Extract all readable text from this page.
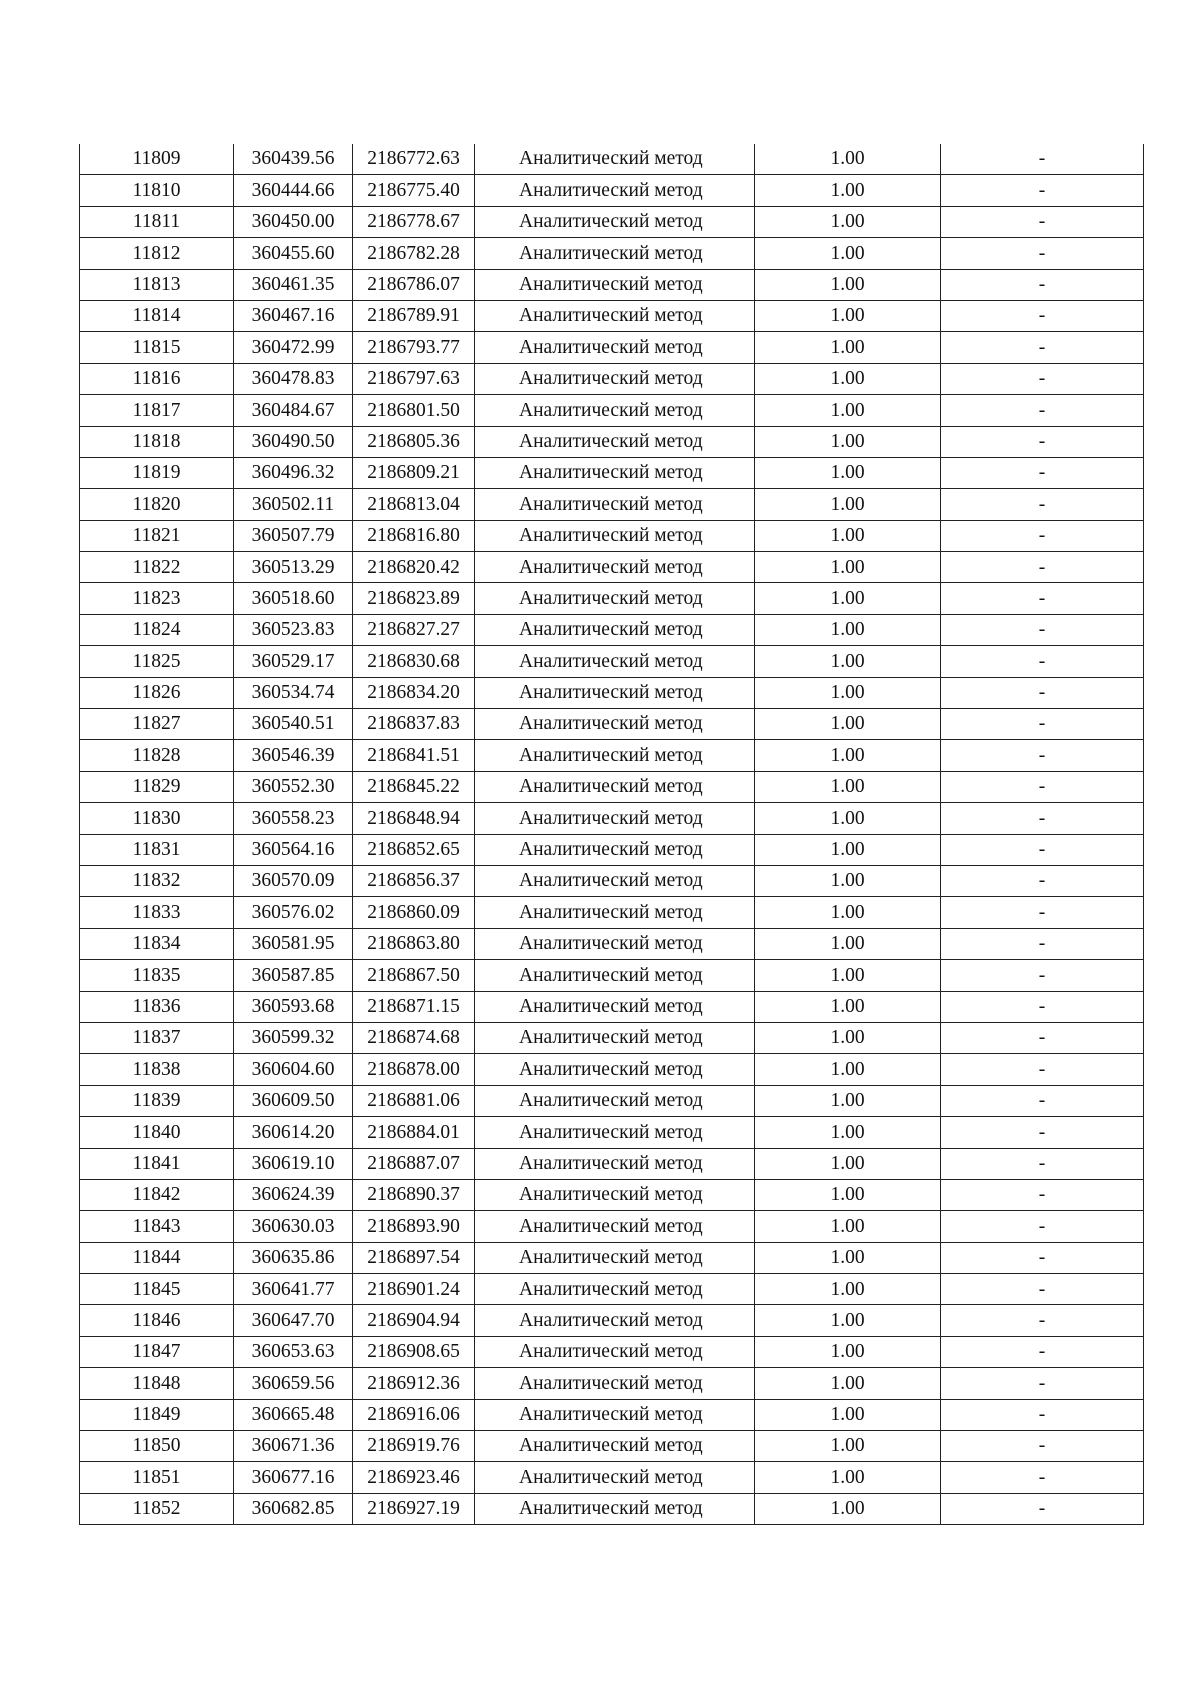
11809	360439.56	2186772.63	Аналитический метод	1.00	-
11810	360444.66	2186775.40	Аналитический метод	1.00	-
11811	360450.00	2186778.67	Аналитический метод	1.00	-
11812	360455.60	2186782.28	Аналитический метод	1.00	-
11813	360461.35	2186786.07	Аналитический метод	1.00	-
11814	360467.16	2186789.91	Аналитический метод	1.00	-
11815	360472.99	2186793.77	Аналитический метод	1.00	-
11816	360478.83	2186797.63	Аналитический метод	1.00	-
11817	360484.67	2186801.50	Аналитический метод	1.00	-
11818	360490.50	2186805.36	Аналитический метод	1.00	-
11819	360496.32	2186809.21	Аналитический метод	1.00	-
11820	360502.11	2186813.04	Аналитический метод	1.00	-
11821	360507.79	2186816.80	Аналитический метод	1.00	-
11822	360513.29	2186820.42	Аналитический метод	1.00	-
11823	360518.60	2186823.89	Аналитический метод	1.00	-
11824	360523.83	2186827.27	Аналитический метод	1.00	-
11825	360529.17	2186830.68	Аналитический метод	1.00	-
11826	360534.74	2186834.20	Аналитический метод	1.00	-
11827	360540.51	2186837.83	Аналитический метод	1.00	-
11828	360546.39	2186841.51	Аналитический метод	1.00	-
11829	360552.30	2186845.22	Аналитический метод	1.00	-
11830	360558.23	2186848.94	Аналитический метод	1.00	-
11831	360564.16	2186852.65	Аналитический метод	1.00	-
11832	360570.09	2186856.37	Аналитический метод	1.00	-
11833	360576.02	2186860.09	Аналитический метод	1.00	-
11834	360581.95	2186863.80	Аналитический метод	1.00	-
11835	360587.85	2186867.50	Аналитический метод	1.00	-
11836	360593.68	2186871.15	Аналитический метод	1.00	-
11837	360599.32	2186874.68	Аналитический метод	1.00	-
11838	360604.60	2186878.00	Аналитический метод	1.00	-
11839	360609.50	2186881.06	Аналитический метод	1.00	-
11840	360614.20	2186884.01	Аналитический метод	1.00	-
11841	360619.10	2186887.07	Аналитический метод	1.00	-
11842	360624.39	2186890.37	Аналитический метод	1.00	-
11843	360630.03	2186893.90	Аналитический метод	1.00	-
11844	360635.86	2186897.54	Аналитический метод	1.00	-
11845	360641.77	2186901.24	Аналитический метод	1.00	-
11846	360647.70	2186904.94	Аналитический метод	1.00	-
11847	360653.63	2186908.65	Аналитический метод	1.00	-
11848	360659.56	2186912.36	Аналитический метод	1.00	-
11849	360665.48	2186916.06	Аналитический метод	1.00	-
11850	360671.36	2186919.76	Аналитический метод	1.00	-
11851	360677.16	2186923.46	Аналитический метод	1.00	-
11852	360682.85	2186927.19	Аналитический метод	1.00	-
